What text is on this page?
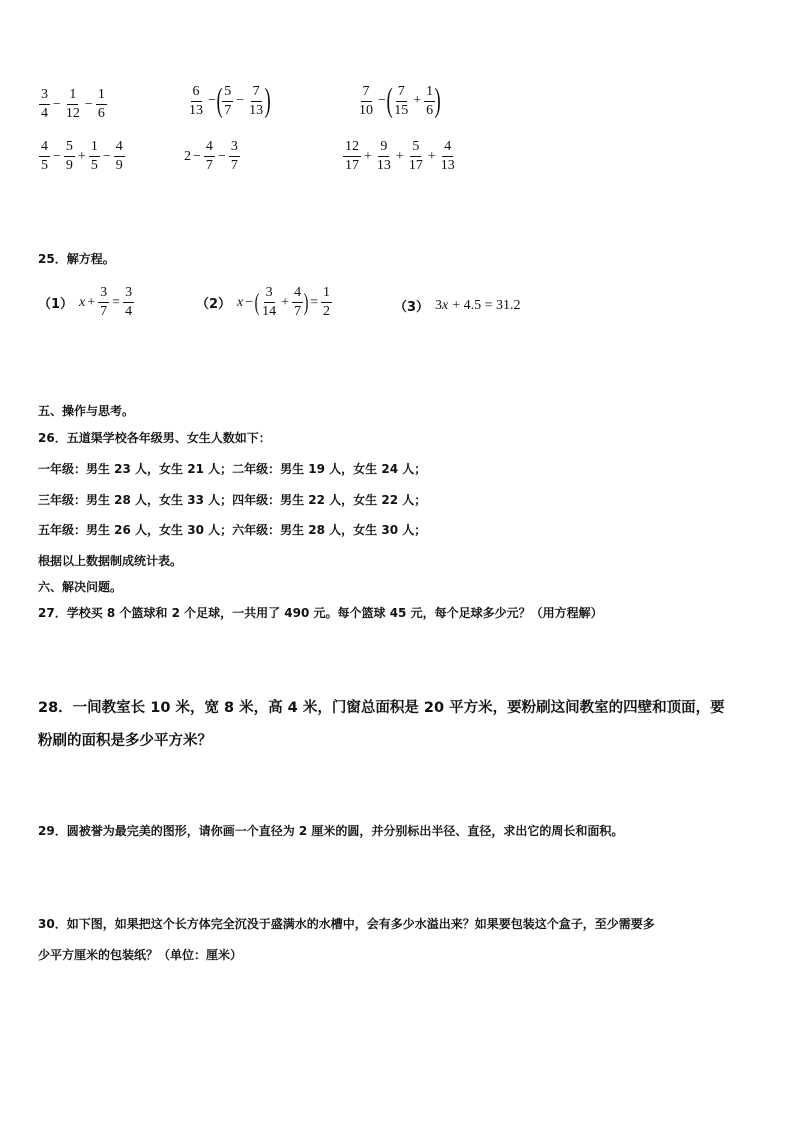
$\frac{3}{4} - \frac{1}{12} - \frac{1}{6}$	$\frac{6}{13}$ − ( $\frac{5}{7} - \frac{7}{13}$ )	$\frac{7}{10}$ − ( $\frac{7}{15} + \frac{1}{6}$ )
$\frac{4}{5} - \frac{5}{9} + \frac{1}{5} - \frac{4}{9}$	$2 - \frac{4}{7} - \frac{3}{7}$	$\frac{12}{17} + \frac{9}{13} + \frac{5}{17} + \frac{4}{13}$
25．解方程。
（1） $x + \frac{3}{7} = \frac{3}{4}$	（2） x − ( $\frac{3}{14} + \frac{4}{7}$ ) = $\frac{1}{2}$	（3） 3 x + 4.5 = 31.2
五、操作与思考。
26．五道渠学校各年级男、女生人数如下：
一年级：男生 23 人，女生 21 人；二年级：男生 19 人，女生 24 人；
三年级：男生 28 人，女生 33 人；四年级：男生 22 人，女生 22 人；
五年级：男生 26 人，女生 30 人；六年级：男生 28 人，女生 30 人；
根据以上数据制成统计表。
六、解决问题。
27．学校买 8 个篮球和 2 个足球，一共用了 490 元。每个篮球 45 元，每个足球多少元？（用方程解）
28．一间教室长 10 米，宽 8 米，高 4 米，门窗总面积是 20 平方米，要粉刷这间教室的四壁和顶面，要
粉刷的面积是多少平方米？
29．圆被誉为最完美的图形，请你画一个直径为 2 厘米的圆，并分别标出半径、直径，求出它的周长和面积。
30．如下图，如果把这个长方体完全沉没于盛满水的水槽中，会有多少水溢出来？如果要包装这个盒子，至少需要多
少平方厘米的包装纸？（单位：厘米）
